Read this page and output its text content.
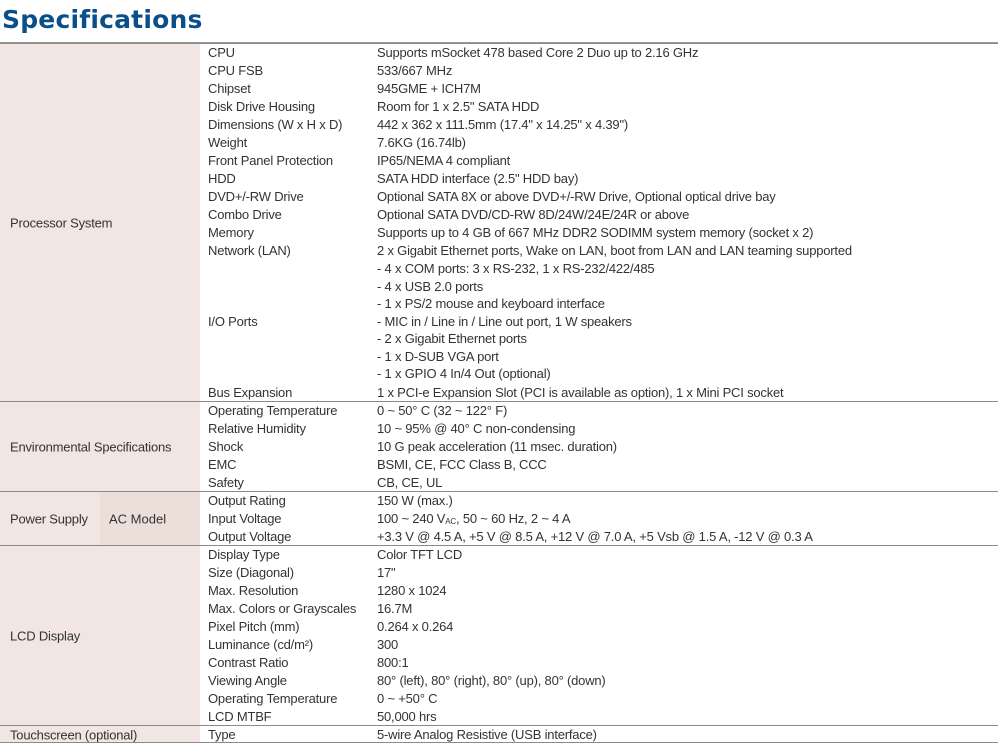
Specifications
Processor System
CPU	Supports mSocket 478 based Core 2 Duo up to 2.16 GHz
CPU FSB	533/667 MHz
Chipset	945GME + ICH7M
Disk Drive Housing	Room for 1 x 2.5" SATA HDD
Dimensions (W x H x D)	442 x 362 x 111.5mm (17.4" x 14.25" x 4.39")
Weight	7.6KG (16.74lb)
Front Panel Protection	IP65/NEMA 4 compliant
HDD	SATA HDD interface (2.5" HDD bay)
DVD+/-RW Drive	Optional SATA 8X or above DVD+/-RW Drive, Optional optical drive bay
Combo Drive	Optional SATA DVD/CD-RW 8D/24W/24E/24R or above
Memory	Supports up to 4 GB of 667 MHz DDR2 SODIMM system memory (socket x 2)
Network (LAN)	2 x Gigabit Ethernet ports, Wake on LAN, boot from LAN and LAN teaming supported
I/O Ports
- 4 x COM ports: 3 x RS-232, 1 x RS-232/422/485
- 4 x USB 2.0 ports
- 1 x PS/2 mouse and keyboard interface
- MIC in / Line in / Line out port, 1 W speakers
- 2 x Gigabit Ethernet ports
- 1 x D-SUB VGA port
- 1 x GPIO 4 In/4 Out (optional)
Bus Expansion	1 x PCI-e Expansion Slot (PCI is available as option), 1 x Mini PCI socket
Environmental Specifications
Operating Temperature	0 ~ 50° C (32 ~ 122° F)
Relative Humidity	10 ~ 95% @ 40° C non-condensing
Shock	10 G peak acceleration (11 msec. duration)
EMC	BSMI, CE, FCC Class B, CCC
Safety	CB, CE, UL
Power Supply AC Model
Output Rating	150 W (max.)
Input Voltage	100 ~ 240 $V_{AC}$, 50 ~ 60 Hz, 2 ~ 4 A
Output Voltage	+3.3 V @ 4.5 A, +5 V @ 8.5 A, +12 V @ 7.0 A, +5 Vsb @ 1.5 A, -12 V @ 0.3 A
LCD Display
Display Type	Color TFT LCD
Size (Diagonal)	17"
Max. Resolution	1280 x 1024
Max. Colors or Grayscales 16.7M
Pixel Pitch (mm)	0.264 x 0.264
Luminance (cd/m²)	300
Contrast Ratio	800:1
Viewing Angle	80° (left), 80° (right), 80° (up), 80° (down)
Operating Temperature	0 ~ +50° C
LCD MTBF	50,000 hrs
Touchscreen (optional)	Type	5-wire Analog Resistive (USB interface)
